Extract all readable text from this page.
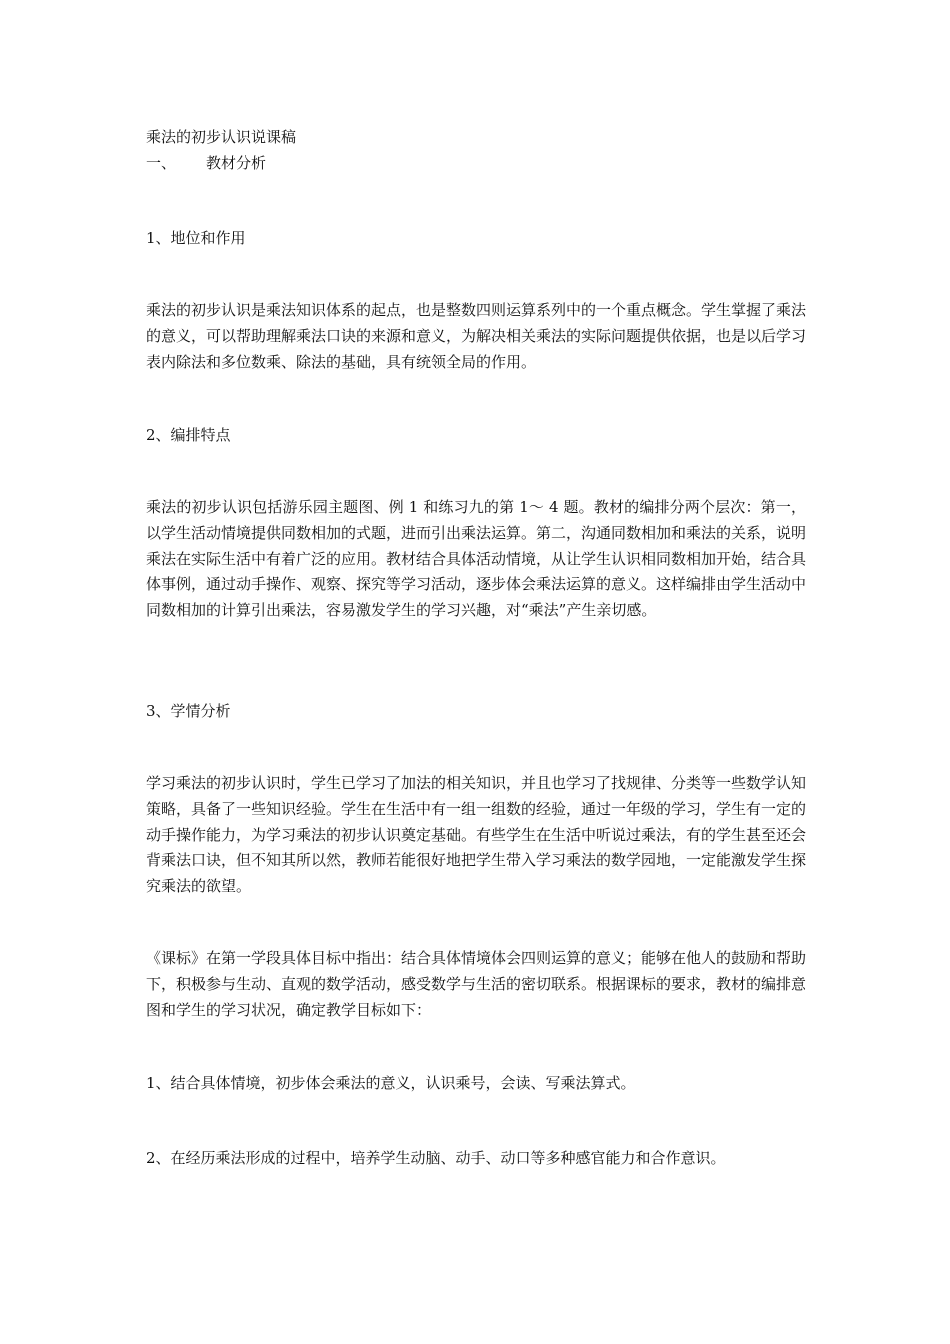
乘法的初步认识说课稿
一、 教材分析
1、地位和作用
乘法的初步认识是乘法知识体系的起点，也是整数四则运算系列中的一个重点概念。学生掌握了乘法的意义，可以帮助理解乘法口诀的来源和意义，为解决相关乘法的实际问题提供依据，也是以后学习表内除法和多位数乘、除法的基础，具有统领全局的作用。
2、编排特点
乘法的初步认识包括游乐园主题图、例 1 和练习九的第 1～ 4 题。教材的编排分两个层次：第一，以学生活动情境提供同数相加的式题，进而引出乘法运算。第二，沟通同数相加和乘法的关系，说明乘法在实际生活中有着广泛的应用。教材结合具体活动情境，从让学生认识相同数相加开始，结合具体事例，通过动手操作、观察、探究等学习活动，逐步体会乘法运算的意义。这样编排由学生活动中同数相加的计算引出乘法，容易激发学生的学习兴趣，对“乘法”产生亲切感。
3、学情分析
学习乘法的初步认识时，学生已学习了加法的相关知识，并且也学习了找规律、分类等一些数学认知策略，具备了一些知识经验。学生在生活中有一组一组数的经验，通过一年级的学习，学生有一定的动手操作能力，为学习乘法的初步认识奠定基础。有些学生在生活中听说过乘法，有的学生甚至还会背乘法口诀，但不知其所以然，教师若能很好地把学生带入学习乘法的数学园地，一定能激发学生探究乘法的欲望。
《课标》在第一学段具体目标中指出：结合具体情境体会四则运算的意义；能够在他人的鼓励和帮助下，积极参与生动、直观的数学活动，感受数学与生活的密切联系。根据课标的要求，教材的编排意图和学生的学习状况，确定教学目标如下：
1、结合具体情境，初步体会乘法的意义，认识乘号，会读、写乘法算式。
2、在经历乘法形成的过程中，培养学生动脑、动手、动口等多种感官能力和合作意识。
